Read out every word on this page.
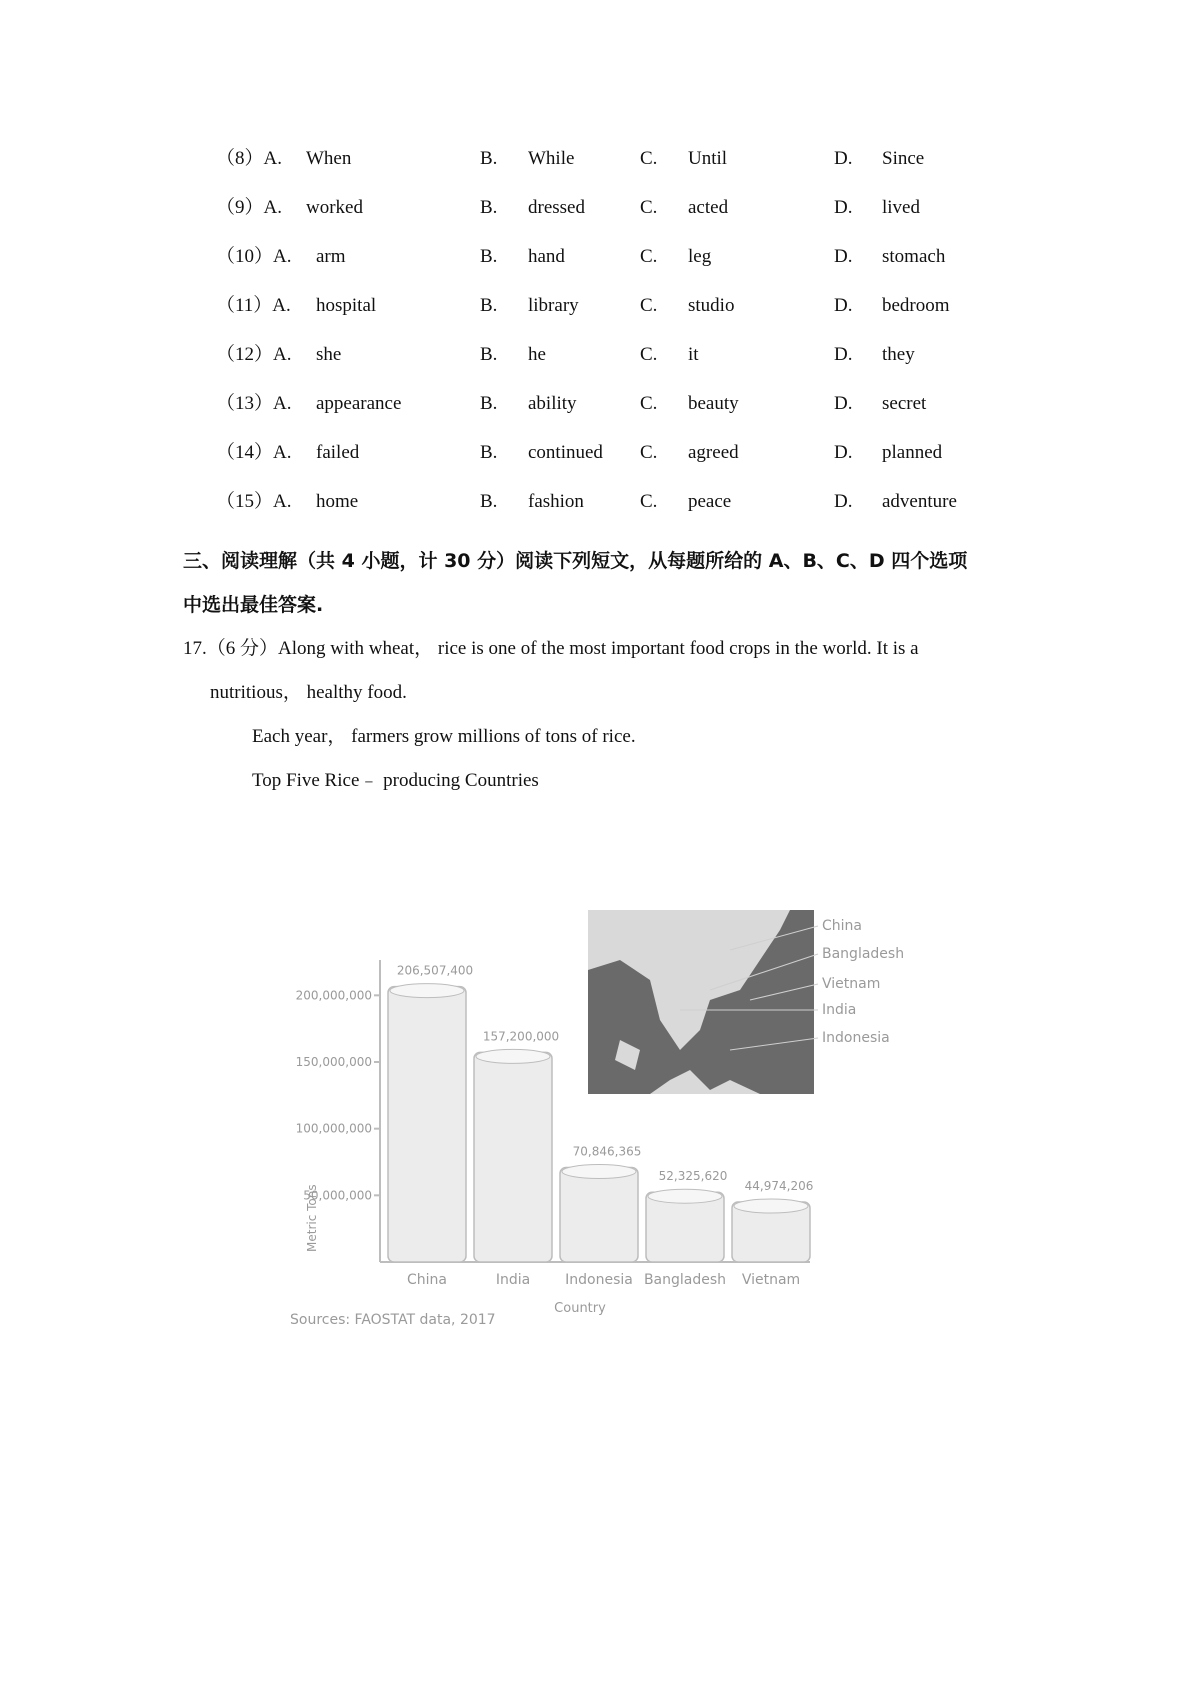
（8）A. When	B. While	C. Until	D. Since
（9）A. worked	B. dressed	C. acted	D. lived
（10）A. arm	B. hand	C. leg	D. stomach
（11）A. hospital	B. library	C. studio	D. bedroom
（12）A. she	B. he	C. it	D. they
（13）A. appearance	B. ability	C. beauty	D. secret
（14）A. failed	B. continued C. agreed	D. planned
（15）A. home	B. fashion	C. peace	D. adventure
三、阅读理解（共 4 小题，计 30 分）阅读下列短文，从每题所给的 A、B、C、D 四个选项
中选出最佳答案.
17.（6 分）Along with wheat， rice is one of the most important food crops in the world. It is a
nutritious， healthy food.
Each year， farmers grow millions of tons of rice.
Top Five Rice﹣ producing Countries
China
Bangladesh
Vietnam
India
Indonesia
50,000,000
100,000,000
150,000,000
200,000,000
China	India Indonesia Bangladesh Vietnam
206,507,400
157,200,000
70,846,365
52,325,620
44,974,206
Metric Tons
Country
Sources: FAOSTAT data, 2017
